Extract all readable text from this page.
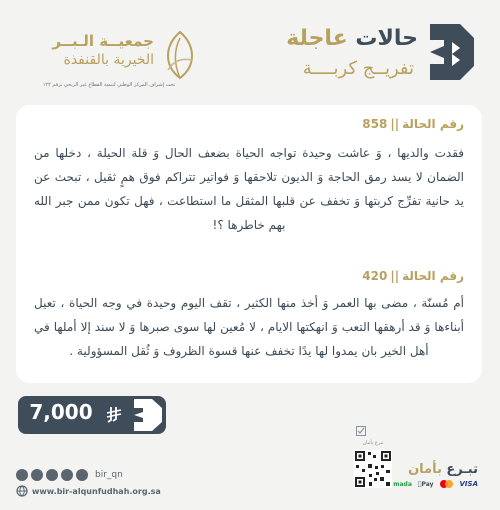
حالات عاجلة
تفريــج كربــــة
جمعيــة الـبــر
الخيرية بالقنفذة
تحت إشراف المركز الوطني لتنمية القطاع غير الربحي برقم ١٢٢
رقم الحالة||858
فقدت والديها ، وَ عاشت وحيدة تواجه الحياة بضعف الحال وَ قلة الحيلة ، دخلها من الضمان لا يسد رمق الحاجة وَ الديون تلاحقها وَ فواتير تتراكم فوق همٍ ثقيل ، تبحث عن يد حانية تفرِّج كربتها وَ تخفف عن قلبها المثقل ما استطاعت ، فهل تكون ممن جبر الله بهم خاطرها ؟!
رقم الحالة||420
أم مُسنّة ، مضى بها العمر وَ أخذ منها الكثير ، تقف اليوم وحيدة في وجه الحياة ، تعيل أبناءها وَ قد أرهقها التعب وَ انهكتها الايام ، لا مُعين لها سوى صبرها وَ لا سند إلا أملها في أهل الخير بان يمدوا لها يدًا تخفف عنها قسوة الظروف وَ ثُقل المسؤولية .
7,000
bir_qn
www.bir-alqunfudhah.org.sa
تبرع بأمان
تبـرع بأمان
mada	Pay	VISA
